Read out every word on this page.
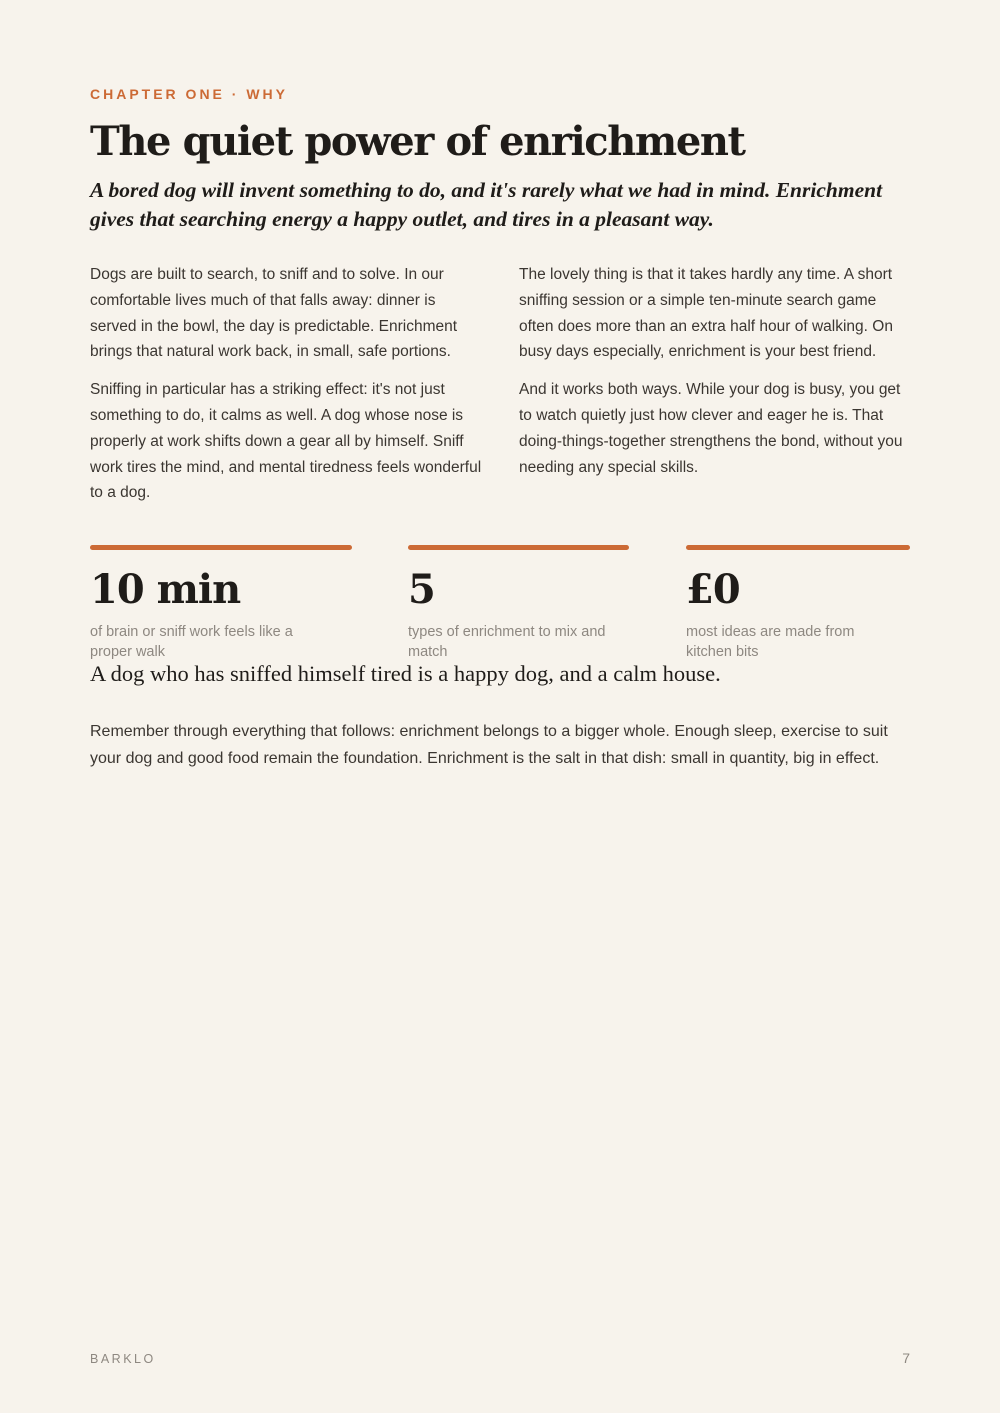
CHAPTER ONE · WHY
The quiet power of enrichment

A bored dog will invent something to do, and it's rarely what we had in mind. Enrichment gives that searching energy a happy outlet, and tires in a pleasant way.

Dogs are built to search, to sniff and to solve. In our comfortable lives much of that falls away: dinner is served in the bowl, the day is predictable. Enrichment brings that natural work back, in small, safe portions.

Sniffing in particular has a striking effect: it's not just something to do, it calms as well. A dog whose nose is properly at work shifts down a gear all by himself. Sniff work tires the mind, and mental tiredness feels wonderful to a dog.

The lovely thing is that it takes hardly any time. A short sniffing session or a simple ten-minute search game often does more than an extra half hour of walking. On busy days especially, enrichment is your best friend.

And it works both ways. While your dog is busy, you get to watch quietly just how clever and eager he is. That doing-things-together strengthens the bond, without you needing any special skills.

10 min
of brain or sniff work feels like a proper walk
5
types of enrichment to mix and match
£0
most ideas are made from kitchen bits

A dog who has sniffed himself tired is a happy dog, and a calm house.

Remember through everything that follows: enrichment belongs to a bigger whole. Enough sleep, exercise to suit your dog and good food remain the foundation. Enrichment is the salt in that dish: small in quantity, big in effect.

BARKLO	7
